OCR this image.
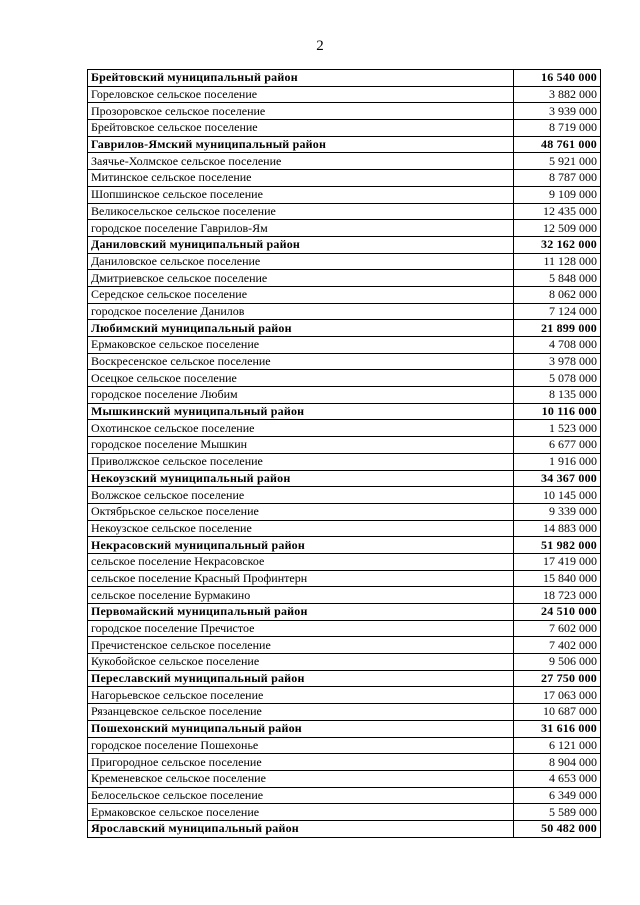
2
Брейтовский муниципальный район	16 540 000
Гореловское сельское поселение	3 882 000
Прозоровское сельское поселение	3 939 000
Брейтовское сельское поселение	8 719 000
Гаврилов-Ямский муниципальный район	48 761 000
Заячье-Холмское сельское поселение	5 921 000
Митинское сельское поселение	8 787 000
Шопшинское сельское поселение	9 109 000
Великосельское сельское поселение	12 435 000
городское поселение Гаврилов-Ям	12 509 000
Даниловский муниципальный район	32 162 000
Даниловское сельское поселение	11 128 000
Дмитриевское сельское поселение	5 848 000
Середское сельское поселение	8 062 000
городское поселение Данилов	7 124 000
Любимский муниципальный район	21 899 000
Ермаковское сельское поселение	4 708 000
Воскресенское сельское поселение	3 978 000
Осецкое сельское поселение	5 078 000
городское поселение Любим	8 135 000
Мышкинский муниципальный район	10 116 000
Охотинское сельское поселение	1 523 000
городское поселение Мышкин	6 677 000
Приволжское сельское поселение	1 916 000
Некоузский муниципальный район	34 367 000
Волжское сельское поселение	10 145 000
Октябрьское сельское поселение	9 339 000
Некоузское сельское поселение	14 883 000
Некрасовский муниципальный район	51 982 000
сельское поселение Некрасовское	17 419 000
сельское поселение Красный Профинтерн	15 840 000
сельское поселение Бурмакино	18 723 000
Первомайский муниципальный район	24 510 000
городское поселение Пречистое	7 602 000
Пречистенское сельское поселение	7 402 000
Кукобойское сельское поселение	9 506 000
Переславский муниципальный район	27 750 000
Нагорьевское сельское поселение	17 063 000
Рязанцевское сельское поселение	10 687 000
Пошехонский муниципальный район	31 616 000
городское поселение Пошехонье	6 121 000
Пригородное сельское поселение	8 904 000
Кременевское сельское поселение	4 653 000
Белосельское сельское поселение	6 349 000
Ермаковское сельское поселение	5 589 000
Ярославский муниципальный район	50 482 000
